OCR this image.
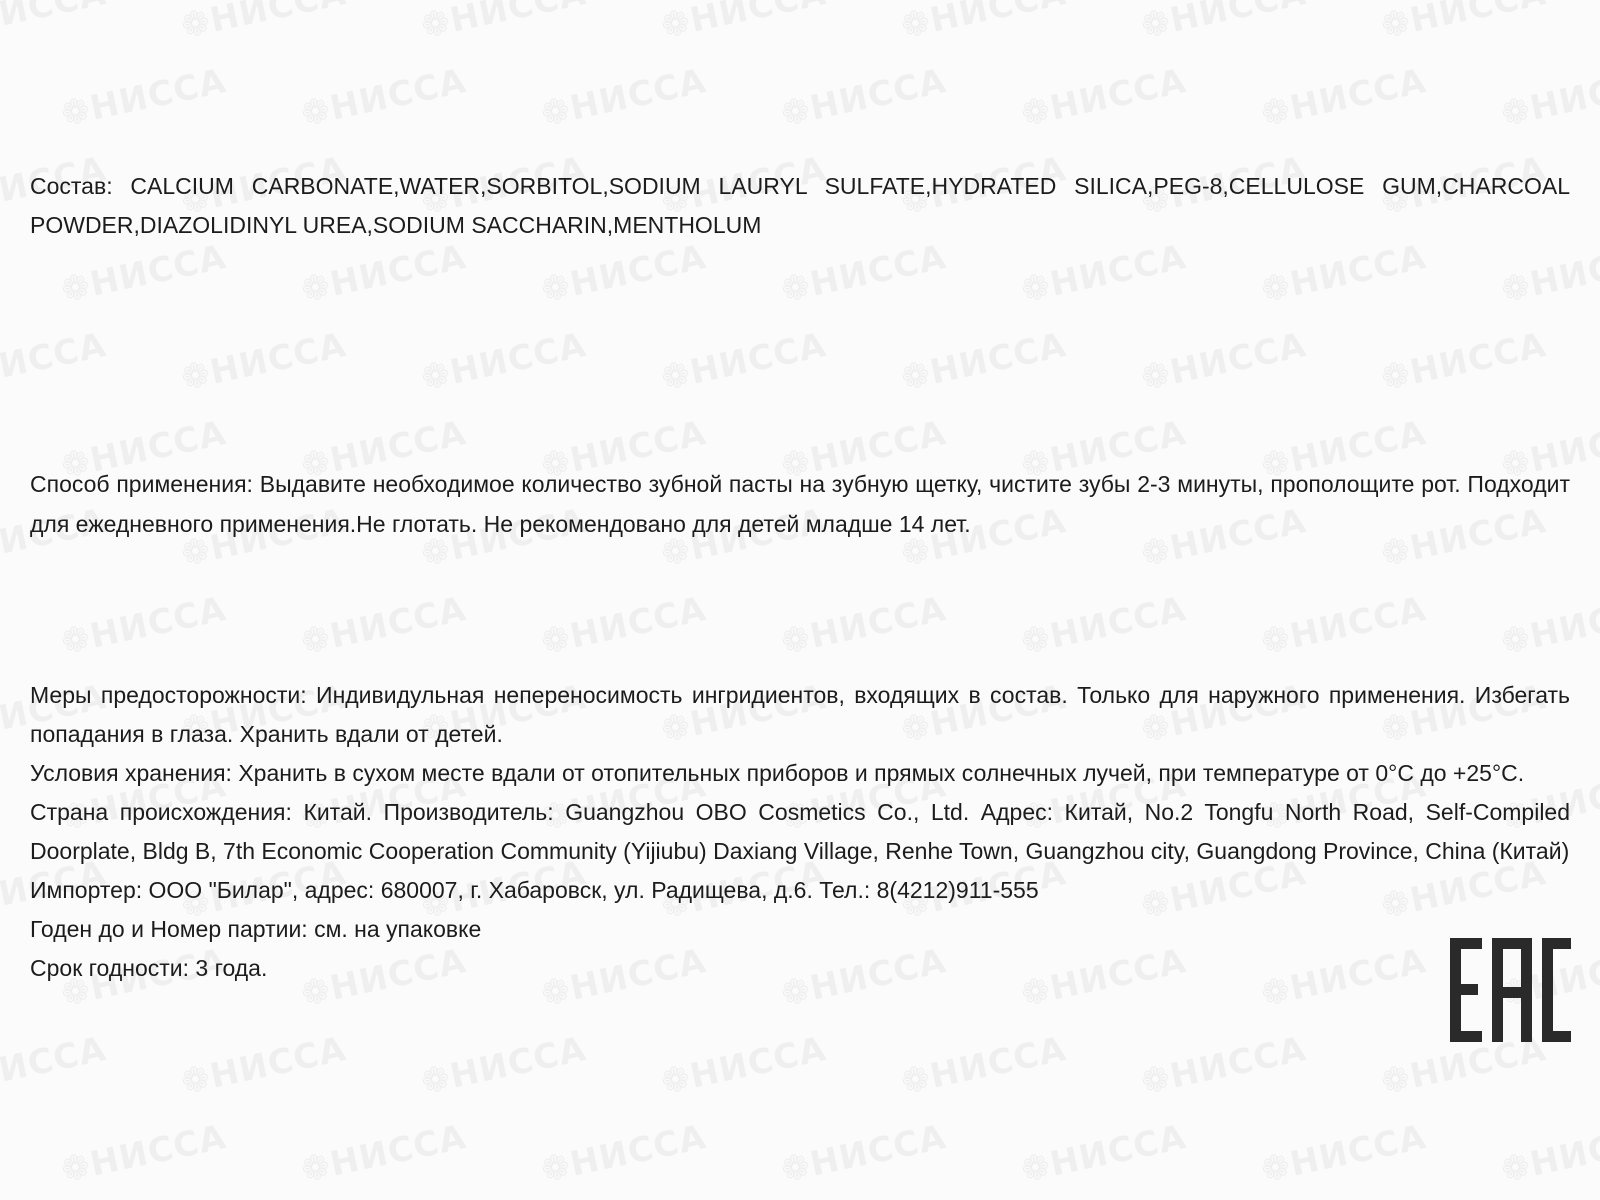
Состав: CALCIUM CARBONATE,WATER,SORBITOL,SODIUM LAURYL SULFATE,HYDRATED SILICA,PEG-8,CELLULOSE GUM,CHARCOAL POWDER,DIAZOLIDINYL UREA,SODIUM SACCHARIN,MENTHOLUM
Способ применения: Выдавите необходимое количество зубной пасты на зубную щетку, чистите зубы 2-3 минуты, прополощите рот. Подходит для ежедневного применения.Не глотать. Не рекомендовано для детей младше 14 лет.

Меры предосторожности: Индивидульная непереносимость ингридиентов, входящих в состав. Только для наружного применения. Избегать попадания в глаза. Хранить вдали от детей.

Условия хранения: Хранить в сухом месте вдали от отопительных приборов и прямых солнечных лучей, при температуре от 0°С до +25°С.

Страна происхождения: Китай. Производитель: Guangzhou OBO Cosmetics Co., Ltd. Адрес: Китай, No.2 Tongfu North Road, Self-Compiled Doorplate, Bldg B, 7th Economic Cooperation Community (Yijiubu) Daxiang Village, Renhe Town, Guangzhou city, Guangdong Province, China (Китай)

Импортер: ООО "Билар", адрес: 680007, г. Хабаровск, ул. Радищева, д.6. Тел.: 8(4212)911-555

Годен до и Номер партии: см. на упаковке

Срок годности: 3 года.
